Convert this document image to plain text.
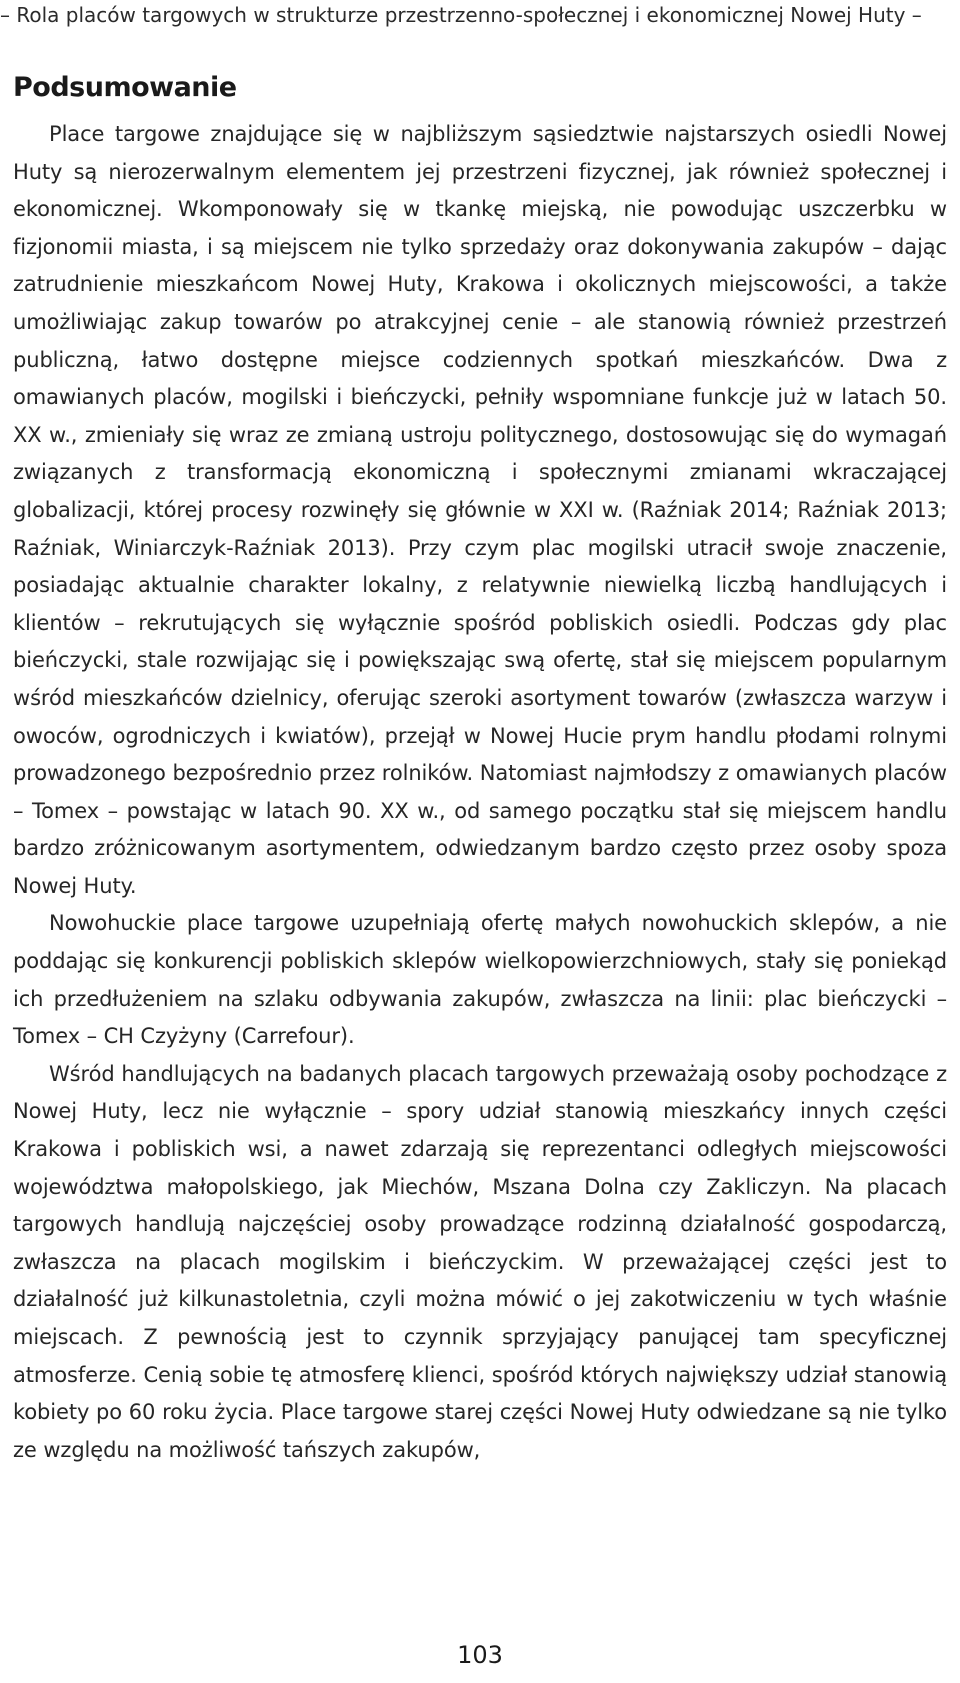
– Rola placów targowych w strukturze przestrzenno-społecznej i ekonomicznej Nowej Huty –
Podsumowanie

Place targowe znajdujące się w najbliższym sąsiedztwie najstarszych osiedli Nowej Huty są nierozerwalnym elementem jej przestrzeni fizycznej, jak również społecznej i ekonomicznej. Wkomponowały się w tkankę miejską, nie powodując uszczerbku w fizjonomii miasta, i są miejscem nie tylko sprzedaży oraz dokonywania zakupów – dając zatrudnienie mieszkańcom Nowej Huty, Krakowa i okolicznych miejscowości, a także umożliwiając zakup towarów po atrakcyjnej cenie – ale stanowią również przestrzeń publiczną, łatwo dostępne miejsce codziennych spotkań mieszkańców. Dwa z omawianych placów, mogilski i bieńczycki, pełniły wspomniane funkcje już w latach 50. XX w., zmieniały się wraz ze zmianą ustroju politycznego, dostosowując się do wymagań związanych z transformacją ekonomiczną i społecznymi zmianami wkraczającej globalizacji, której procesy rozwinęły się głównie w XXI w. (Raźniak 2014; Raźniak 2013; Raźniak, Winiarczyk-Raźniak 2013). Przy czym plac mogilski utracił swoje znaczenie, posiadając aktualnie charakter lokalny, z relatywnie niewielką liczbą handlujących i klientów – rekrutujących się wyłącznie spośród pobliskich osiedli. Podczas gdy plac bieńczycki, stale rozwijając się i powiększając swą ofertę, stał się miejscem popularnym wśród mieszkańców dzielnicy, oferując szeroki asortyment towarów (zwłaszcza warzyw i owoców, ogrodniczych i kwiatów), przejął w Nowej Hucie prym handlu płodami rolnymi prowadzonego bezpośrednio przez rolników. Natomiast najmłodszy z omawianych placów – Tomex – powstając w latach 90. XX w., od samego początku stał się miejscem handlu bardzo zróżnicowanym asortymentem, odwiedzanym bardzo często przez osoby spoza Nowej Huty.

Nowohuckie place targowe uzupełniają ofertę małych nowohuckich sklepów, a nie poddając się konkurencji pobliskich sklepów wielkopowierzchniowych, stały się poniekąd ich przedłużeniem na szlaku odbywania zakupów, zwłaszcza na linii: plac bieńczycki – Tomex – CH Czyżyny (Carrefour).

Wśród handlujących na badanych placach targowych przeważają osoby pochodzące z Nowej Huty, lecz nie wyłącznie – spory udział stanowią mieszkańcy innych części Krakowa i pobliskich wsi, a nawet zdarzają się reprezentanci odległych miejscowości województwa małopolskiego, jak Miechów, Mszana Dolna czy Zakliczyn. Na placach targowych handlują najczęściej osoby prowadzące rodzinną działalność gospodarczą, zwłaszcza na placach mogilskim i bieńczyckim. W przeważającej części jest to działalność już kilkunastoletnia, czyli można mówić o jej zakotwiczeniu w tych właśnie miejscach. Z pewnością jest to czynnik sprzyjający panującej tam specyficznej atmosferze. Cenią sobie tę atmosferę klienci, spośród których największy udział stanowią kobiety po 60 roku życia. Place targowe starej części Nowej Huty odwiedzane są nie tylko ze względu na możliwość tańszych zakupów,

103
